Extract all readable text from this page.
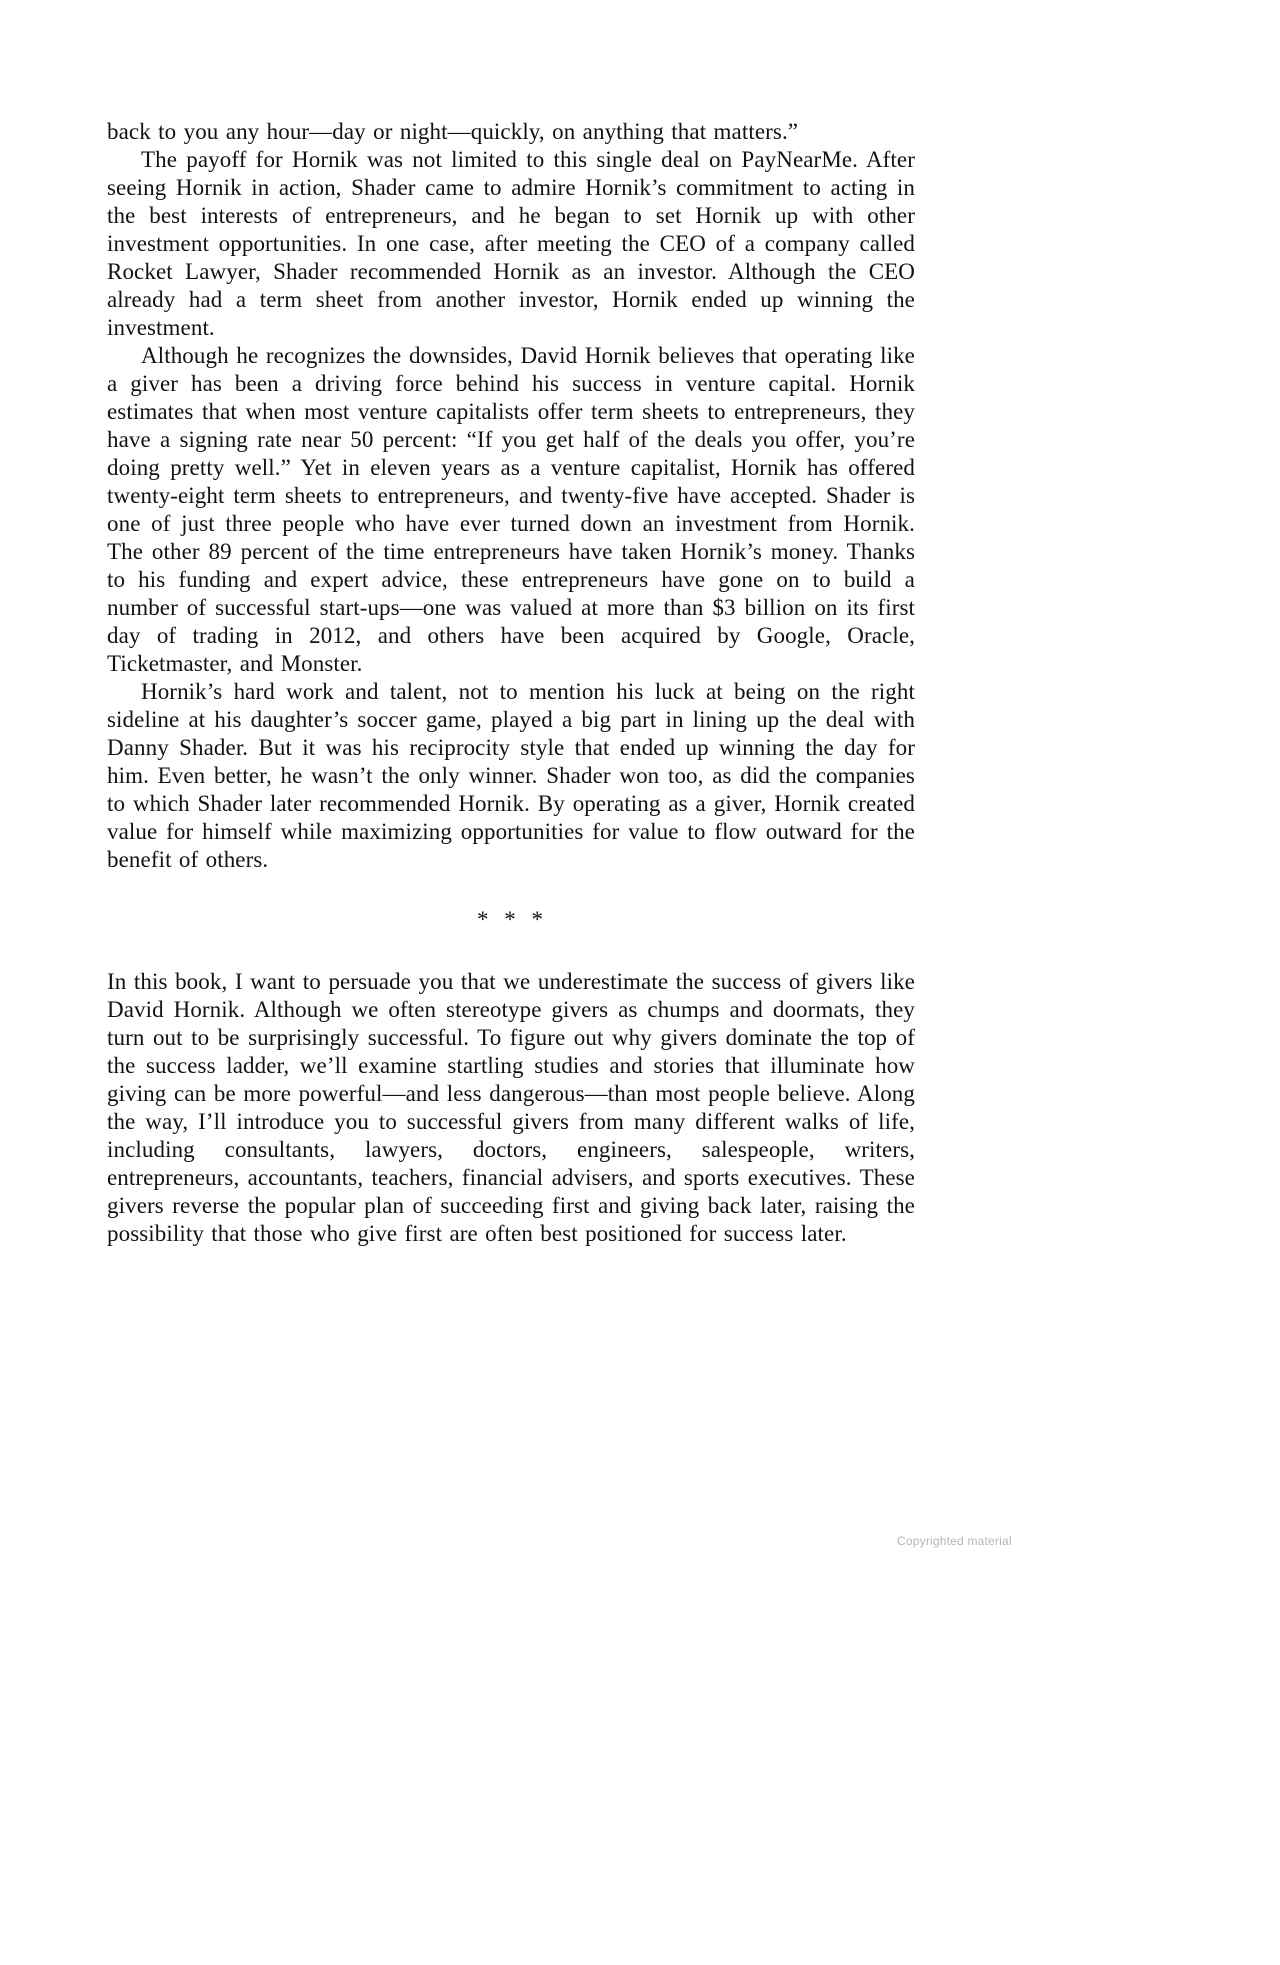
back to you any hour—day or night—quickly, on anything that matters.”

The payoff for Hornik was not limited to this single deal on PayNearMe. After seeing Hornik in action, Shader came to admire Hornik’s commitment to acting in the best interests of entrepreneurs, and he began to set Hornik up with other investment opportunities. In one case, after meeting the CEO of a company called Rocket Lawyer, Shader recommended Hornik as an investor. Although the CEO already had a term sheet from another investor, Hornik ended up winning the investment.

Although he recognizes the downsides, David Hornik believes that operating like a giver has been a driving force behind his success in venture capital. Hornik estimates that when most venture capitalists offer term sheets to entrepreneurs, they have a signing rate near 50 percent: “If you get half of the deals you offer, you’re doing pretty well.” Yet in eleven years as a venture capitalist, Hornik has offered twenty-eight term sheets to entrepreneurs, and twenty-five have accepted. Shader is one of just three people who have ever turned down an investment from Hornik. The other 89 percent of the time entrepreneurs have taken Hornik’s money. Thanks to his funding and expert advice, these entrepreneurs have gone on to build a number of successful start-ups—one was valued at more than $3 billion on its first day of trading in 2012, and others have been acquired by Google, Oracle, Ticketmaster, and Monster.

Hornik’s hard work and talent, not to mention his luck at being on the right sideline at his daughter’s soccer game, played a big part in lining up the deal with Danny Shader. But it was his reciprocity style that ended up winning the day for him. Even better, he wasn’t the only winner. Shader won too, as did the companies to which Shader later recommended Hornik. By operating as a giver, Hornik created value for himself while maximizing opportunities for value to flow outward for the benefit of others.

* * *

In this book, I want to persuade you that we underestimate the success of givers like David Hornik. Although we often stereotype givers as chumps and doormats, they turn out to be surprisingly successful. To figure out why givers dominate the top of the success ladder, we’ll examine startling studies and stories that illuminate how giving can be more powerful—and less dangerous—than most people believe. Along the way, I’ll introduce you to successful givers from many different walks of life, including consultants, lawyers, doctors, engineers, salespeople, writers, entrepreneurs, accountants, teachers, financial advisers, and sports executives. These givers reverse the popular plan of succeeding first and giving back later, raising the possibility that those who give first are often best positioned for success later.

Copyrighted material
